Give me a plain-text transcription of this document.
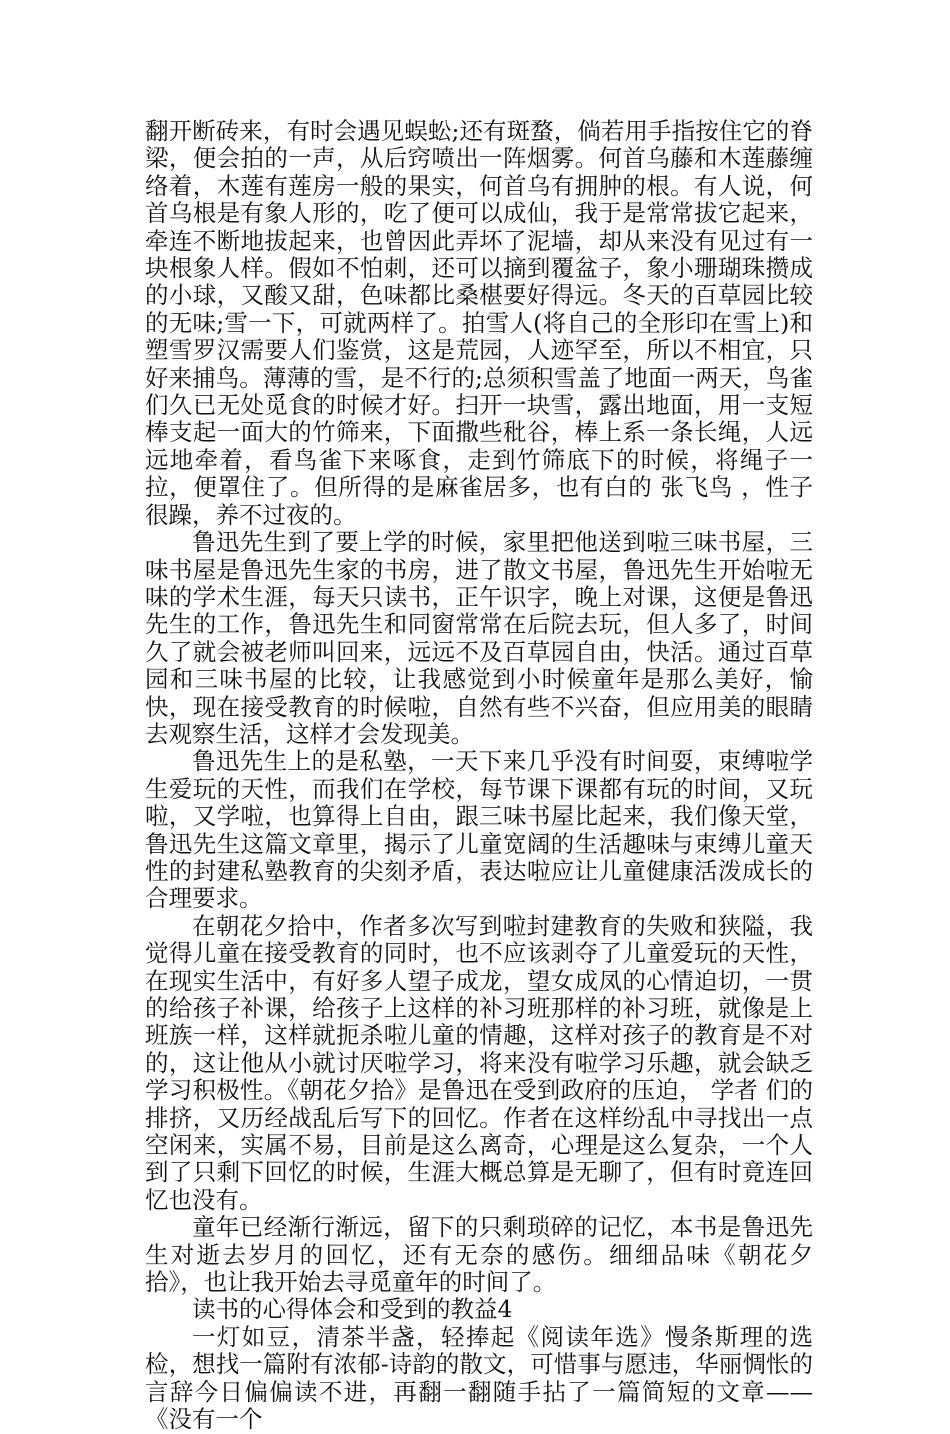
翻开断砖来，有时会遇见蜈蚣;还有斑蝥，倘若用手指按住它的脊梁，便会拍的一声，从后窍喷出一阵烟雾。何首乌藤和木莲藤缠络着，木莲有莲房一般的果实，何首乌有拥肿的根。有人说，何首乌根是有象人形的，吃了便可以成仙，我于是常常拔它起来，牵连不断地拔起来，也曾因此弄坏了泥墙，却从来没有见过有一块根象人样。假如不怕刺，还可以摘到覆盆子，象小珊瑚珠攒成的小球，又酸又甜，色味都比桑椹要好得远。冬天的百草园比较的无味;雪一下，可就两样了。拍雪人(将自己的全形印在雪上)和塑雪罗汉需要人们鉴赏，这是荒园，人迹罕至，所以不相宜，只好来捕鸟。薄薄的雪，是不行的;总须积雪盖了地面一两天，鸟雀们久已无处觅食的时候才好。扫开一块雪，露出地面，用一支短棒支起一面大的竹筛来，下面撒些秕谷，棒上系一条长绳，人远远地牵着，看鸟雀下来啄食，走到竹筛底下的时候，将绳子一拉，便罩住了。但所得的是麻雀居多，也有白的 张飞鸟 ，性子很躁，养不过夜的。

鲁迅先生到了要上学的时候，家里把他送到啦三味书屋，三味书屋是鲁迅先生家的书房，进了散文书屋，鲁迅先生开始啦无味的学术生涯，每天只读书，正午识字，晚上对课，这便是鲁迅先生的工作，鲁迅先生和同窗常常在后院去玩，但人多了，时间久了就会被老师叫回来，远远不及百草园自由，快活。通过百草园和三味书屋的比较，让我感觉到小时候童年是那么美好，愉快，现在接受教育的时候啦，自然有些不兴奋，但应用美的眼睛去观察生活，这样才会发现美。

鲁迅先生上的是私塾，一天下来几乎没有时间耍，束缚啦学生爱玩的天性，而我们在学校，每节课下课都有玩的时间，又玩啦，又学啦，也算得上自由，跟三味书屋比起来，我们像天堂，鲁迅先生这篇文章里，揭示了儿童宽阔的生活趣味与束缚儿童天性的封建私塾教育的尖刻矛盾，表达啦应让儿童健康活泼成长的合理要求。

在朝花夕拾中，作者多次写到啦封建教育的失败和狭隘，我觉得儿童在接受教育的同时，也不应该剥夺了儿童爱玩的天性，在现实生活中，有好多人望子成龙，望女成凤的心情迫切，一贯的给孩子补课，给孩子上这样的补习班那样的补习班，就像是上班族一样，这样就扼杀啦儿童的情趣，这样对孩子的教育是不对的，这让他从小就讨厌啦学习，将来没有啦学习乐趣，就会缺乏学习积极性。《朝花夕拾》是鲁迅在受到政府的压迫， 学者 们的排挤，又历经战乱后写下的回忆。作者在这样纷乱中寻找出一点空闲来，实属不易，目前是这么离奇，心理是这么复杂，一个人到了只剩下回忆的时候，生涯大概总算是无聊了，但有时竟连回忆也没有。

童年已经渐行渐远，留下的只剩琐碎的记忆，本书是鲁迅先生对逝去岁月的回忆，还有无奈的感伤。细细品味《朝花夕拾》，也让我开始去寻觅童年的时间了。

读书的心得体会和受到的教益4

一灯如豆，清茶半盏，轻捧起《阅读年选》慢条斯理的选检，想找一篇附有浓郁-诗韵的散文，可惜事与愿违，华丽惆怅的言辞今日偏偏读不进，再翻一翻随手拈了一篇简短的文章——《没有一个
